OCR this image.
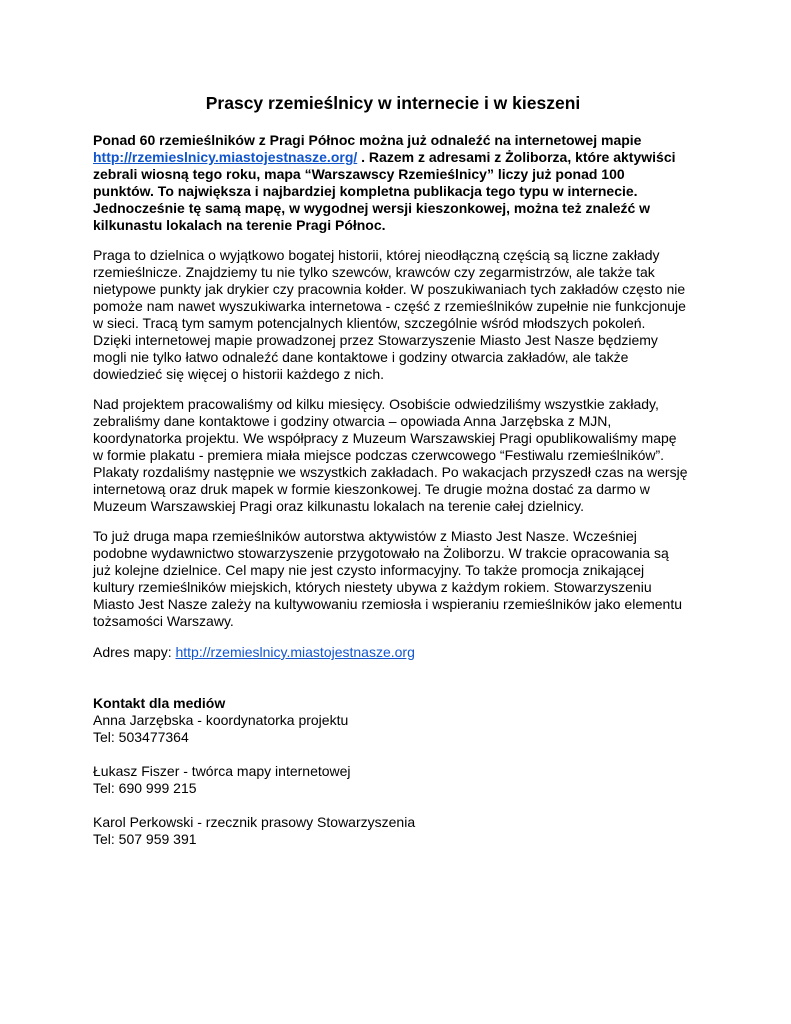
Prascy rzemieślnicy w internecie i w kieszeni
Ponad 60 rzemieślników z Pragi Północ można już odnaleźć na internetowej mapie
http://rzemieslnicy.miastojestnasze.org/ . Razem z adresami z Żoliborza, które aktywiści
zebrali wiosną tego roku, mapa “Warszawscy Rzemieślnicy” liczy już ponad 100
punktów. To największa i najbardziej kompletna publikacja tego typu w internecie.
Jednocześnie tę samą mapę, w wygodnej wersji kieszonkowej, można też znaleźć w
kilkunastu lokalach na terenie Pragi Północ.
Praga to dzielnica o wyjątkowo bogatej historii, której nieodłączną częścią są liczne zakłady
rzemieślnicze. Znajdziemy tu nie tylko szewców, krawców czy zegarmistrzów, ale także tak
nietypowe punkty jak drykier czy pracownia kołder. W poszukiwaniach tych zakładów często nie
pomoże nam nawet wyszukiwarka internetowa - część z rzemieślników zupełnie nie funkcjonuje
w sieci. Tracą tym samym potencjalnych klientów, szczególnie wśród młodszych pokoleń.
Dzięki internetowej mapie prowadzonej przez Stowarzyszenie Miasto Jest Nasze będziemy
mogli nie tylko łatwo odnaleźć dane kontaktowe i godziny otwarcia zakładów, ale także
dowiedzieć się więcej o historii każdego z nich.
Nad projektem pracowaliśmy od kilku miesięcy. Osobiście odwiedziliśmy wszystkie zakłady,
zebraliśmy dane kontaktowe i godziny otwarcia – opowiada Anna Jarzębska z MJN,
koordynatorka projektu. We współpracy z Muzeum Warszawskiej Pragi opublikowaliśmy mapę
w formie plakatu - premiera miała miejsce podczas czerwcowego “Festiwalu rzemieślników”.
Plakaty rozdaliśmy następnie we wszystkich zakładach. Po wakacjach przyszedł czas na wersję
internetową oraz druk mapek w formie kieszonkowej. Te drugie można dostać za darmo w
Muzeum Warszawskiej Pragi oraz kilkunastu lokalach na terenie całej dzielnicy.
To już druga mapa rzemieślników autorstwa aktywistów z Miasto Jest Nasze. Wcześniej
podobne wydawnictwo stowarzyszenie przygotowało na Żoliborzu. W trakcie opracowania są
już kolejne dzielnice. Cel mapy nie jest czysto informacyjny. To także promocja znikającej
kultury rzemieślników miejskich, których niestety ubywa z każdym rokiem. Stowarzyszeniu
Miasto Jest Nasze zależy na kultywowaniu rzemiosła i wspieraniu rzemieślników jako elementu
tożsamości Warszawy.
Adres mapy: http://rzemieslnicy.miastojestnasze.org
Kontakt dla mediów
Anna Jarzębska - koordynatorka projektu
Tel: 503477364
Łukasz Fiszer - twórca mapy internetowej
Tel: 690 999 215
Karol Perkowski - rzecznik prasowy Stowarzyszenia
Tel: 507 959 391
